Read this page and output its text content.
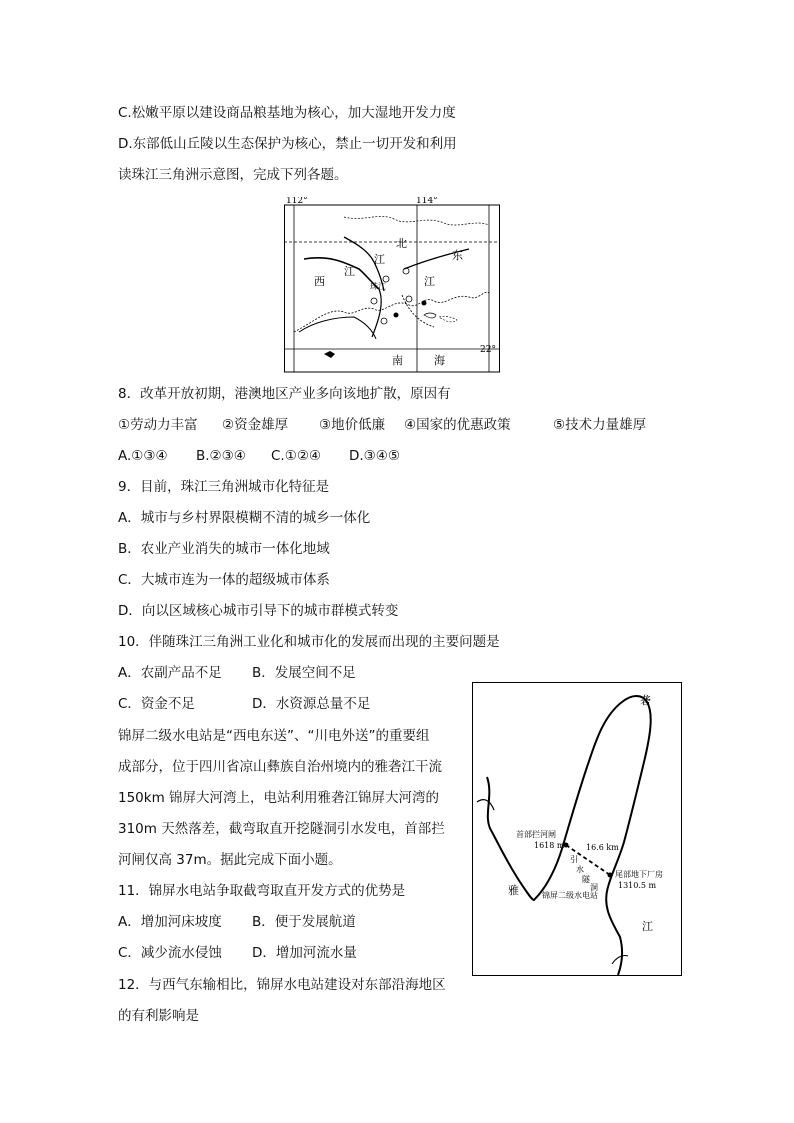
C.松嫩平原以建设商品粮基地为核心，加大湿地开发力度
D.东部低山丘陵以生态保护为核心，禁止一切开发和利用
读珠江三角洲示意图，完成下列各题。
112°	114°
22°
北
江	东
西
江
江
珠江
南	海
8．改革开放初期，港澳地区产业多向该地扩散，原因有
①劳动力丰富 ②资金雄厚 ③地价低廉 ④国家的优惠政策	⑤技术力量雄厚
A.①③④ B.②③④ C.①②④ D.③④⑤
9．目前，珠江三角洲城市化特征是
A．城市与乡村界限模糊不清的城乡一体化
B．农业产业消失的城市一体化地域
C．大城市连为一体的超级城市体系
D．向以区域核心城市引导下的城市群模式转变
10．伴随珠江三角洲工业化和城市化的发展而出现的主要问题是
A．农副产品不足 B．发展空间不足
C．资金不足	D．水资源总量不足
锦屏二级水电站是“西电东送”、“川电外送”的重要组
成部分，位于四川省凉山彝族自治州境内的雅砻江干流
150km 锦屏大河湾上，电站利用雅砻江锦屏大河湾的
310m 天然落差，截弯取直开挖隧洞引水发电，首部拦
河闸仅高 37m。据此完成下面小题。
11．锦屏水电站争取截弯取直开发方式的优势是
A．增加河床坡度 B．便于发展航道
C．减少流水侵蚀 D．增加河流水量
12．与西气东输相比，锦屏水电站建设对东部沿海地区
的有利影响是
砻
雅
江
首部拦河闸
1618 m	16.6 km
引
水
隧
洞
尾部地下厂房
1310.5 m
锦屏二级水电站
